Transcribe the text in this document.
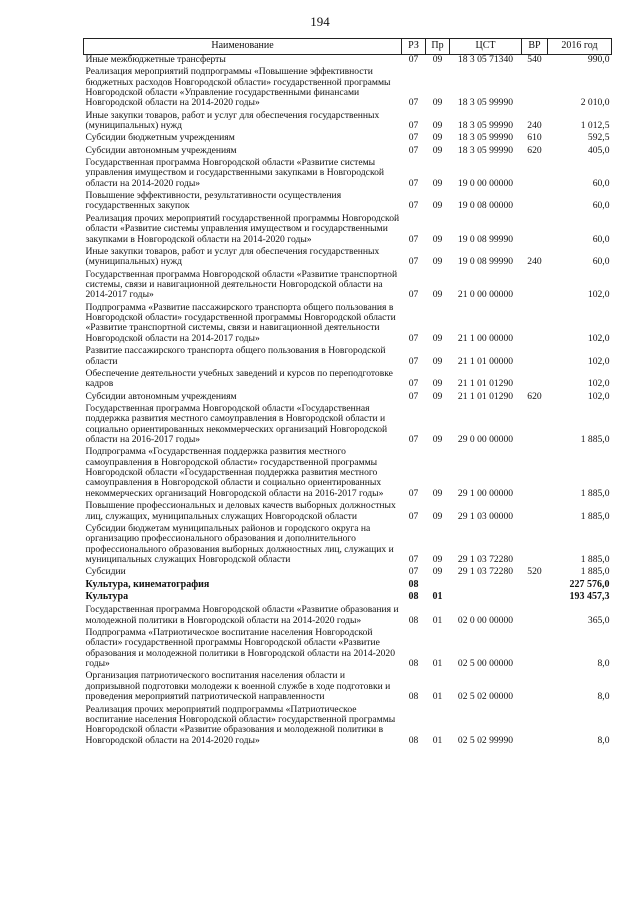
194
Наименование	РЗ	Пр	ЦСТ	ВР	2016 год
Иные межбюджетные трансферты	07	09	18 3 05 71340	540	990,0
Реализация мероприятий подпрограммы «Повышение эффективности бюджетных расходов Новгородской области» государственной программы Новгородской области «Управление государственными финансами Новгородской области на 2014-2020 годы»	07	09	18 3 05 99990		2 010,0
Иные закупки товаров, работ и услуг для обеспечения государственных (муниципальных) нужд	07	09	18 3 05 99990	240	1 012,5
Субсидии бюджетным учреждениям	07	09	18 3 05 99990	610	592,5
Субсидии автономным учреждениям	07	09	18 3 05 99990	620	405,0
Государственная программа Новгородской области «Развитие системы управления имуществом и государственными закупками в Новгородской области на 2014-2020 годы»	07	09	19 0 00 00000		60,0
Повышение эффективности, результативности осуществления государственных закупок	07	09	19 0 08 00000		60,0
Реализация прочих мероприятий государственной программы Новгородской области «Развитие системы управления имуществом и государственными закупками в Новгородской области на 2014-2020 годы»	07	09	19 0 08 99990		60,0
Иные закупки товаров, работ и услуг для обеспечения государственных (муниципальных) нужд	07	09	19 0 08 99990	240	60,0
Государственная программа Новгородской области «Развитие транспортной системы, связи и навигационной деятельности Новгородской области на 2014-2017 годы»	07	09	21 0 00 00000		102,0
Подпрограмма «Развитие пассажирского транспорта общего пользования в Новгородской области» государственной программы Новгородской области «Развитие транспортной системы, связи и навигационной деятельности Новгородской области на 2014-2017 годы»	07	09	21 1 00 00000		102,0
Развитие пассажирского транспорта общего пользования в Новгородской области	07	09	21 1 01 00000		102,0
Обеспечение деятельности учебных заведений и курсов по переподготовке кадров	07	09	21 1 01 01290		102,0
Субсидии автономным учреждениям	07	09	21 1 01 01290	620	102,0
Государственная программа Новгородской области «Государственная поддержка развития местного самоуправления в Новгородской области и социально ориентированных некоммерческих организаций Новгородской области на 2016-2017 годы»	07	09	29 0 00 00000		1 885,0
Подпрограмма «Государственная поддержка развития местного самоуправления в Новгородской области» государственной программы Новгородской области «Государственная поддержка развития местного самоуправления в Новгородской области и социально ориентированных некоммерческих организаций Новгородской области на 2016-2017 годы»	07	09	29 1 00 00000		1 885,0
Повышение профессиональных и деловых качеств выборных должностных лиц, служащих, муниципальных служащих Новгородской области	07	09	29 1 03 00000		1 885,0
Субсидии бюджетам муниципальных районов и городского округа на организацию профессионального образования и дополнительного профессионального образования выборных должностных лиц, служащих и муниципальных служащих Новгородской области	07	09	29 1 03 72280		1 885,0
Субсидии	07	09	29 1 03 72280	520	1 885,0
Культура, кинематография	08				227 576,0
Культура	08	01			193 457,3
Государственная программа Новгородской области «Развитие образования и молодежной политики в Новгородской области на 2014-2020 годы»	08	01	02 0 00 00000		365,0
Подпрограмма «Патриотическое воспитание населения Новгородской области» государственной программы Новгородской области «Развитие образования и молодежной политики в Новгородской области на 2014-2020 годы»	08	01	02 5 00 00000		8,0
Организация патриотического воспитания населения области и допризывной подготовки молодежи к военной службе в ходе подготовки и проведения мероприятий патриотической направленности	08	01	02 5 02 00000		8,0
Реализация прочих мероприятий подпрограммы «Патриотическое воспитание населения Новгородской области» государственной программы Новгородской области «Развитие образования и молодежной политики в Новгородской области на 2014-2020 годы»	08	01	02 5 02 99990		8,0
